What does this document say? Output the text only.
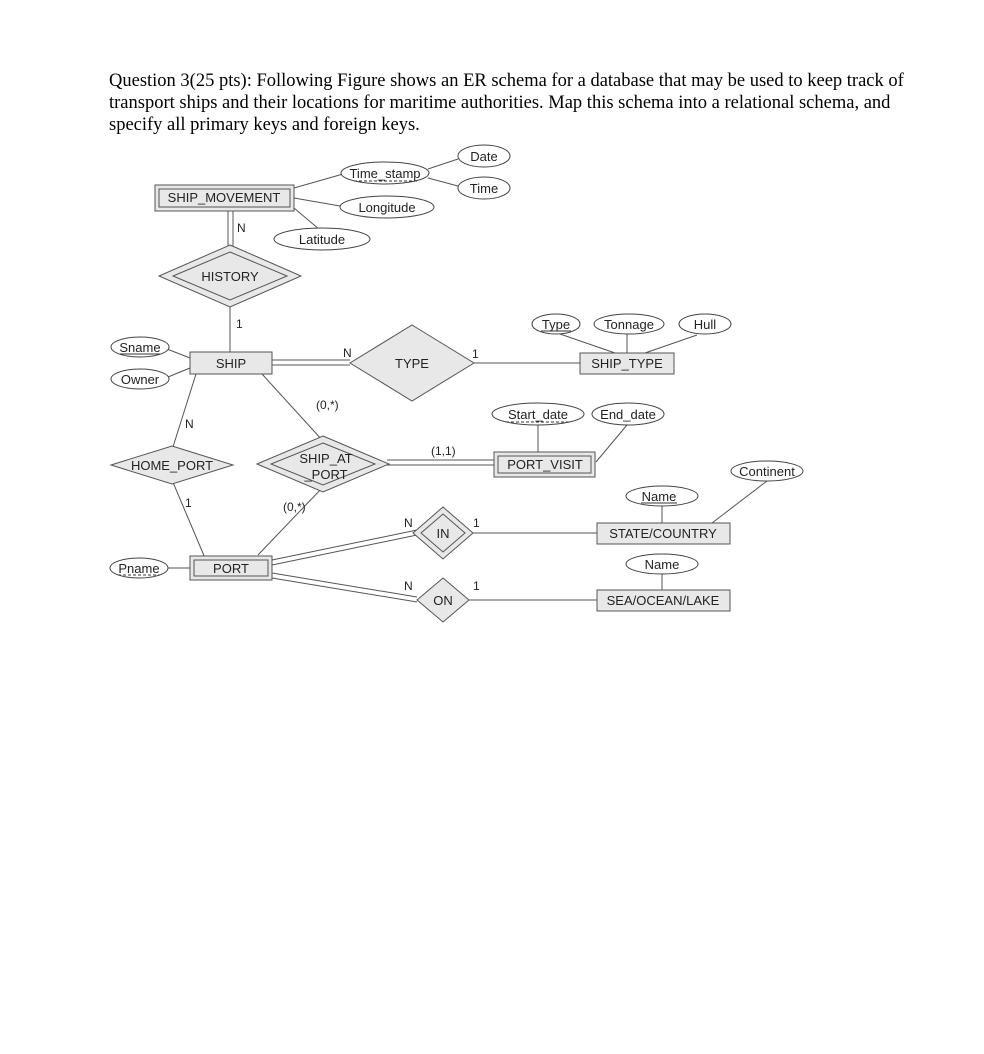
Question 3(25 pts): Following Figure shows an ER schema for a database that may be used to keep track of transport ships and their locations for maritime authorities. Map this schema into a relational schema, and specify all primary keys and foreign keys.
SHIP_MOVEMENT
SHIP	SHIP_TYPE
PORT_VISIT
STATE/COUNTRY
PORT
SEA/OCEAN/LAKE
HISTORY
TYPE
HOME_PORT	SHIP_AT
_PORT
IN
ON
Date
Time_stamp
Time
Longitude
Latitude
Sname
Owner
Type	Tonnage	Hull
Start_date End_date
Continent
Name
Name
Pname
N
1
N	1
N
1
(0,*)
(1,1)
(0,*)
N	1
N	1
